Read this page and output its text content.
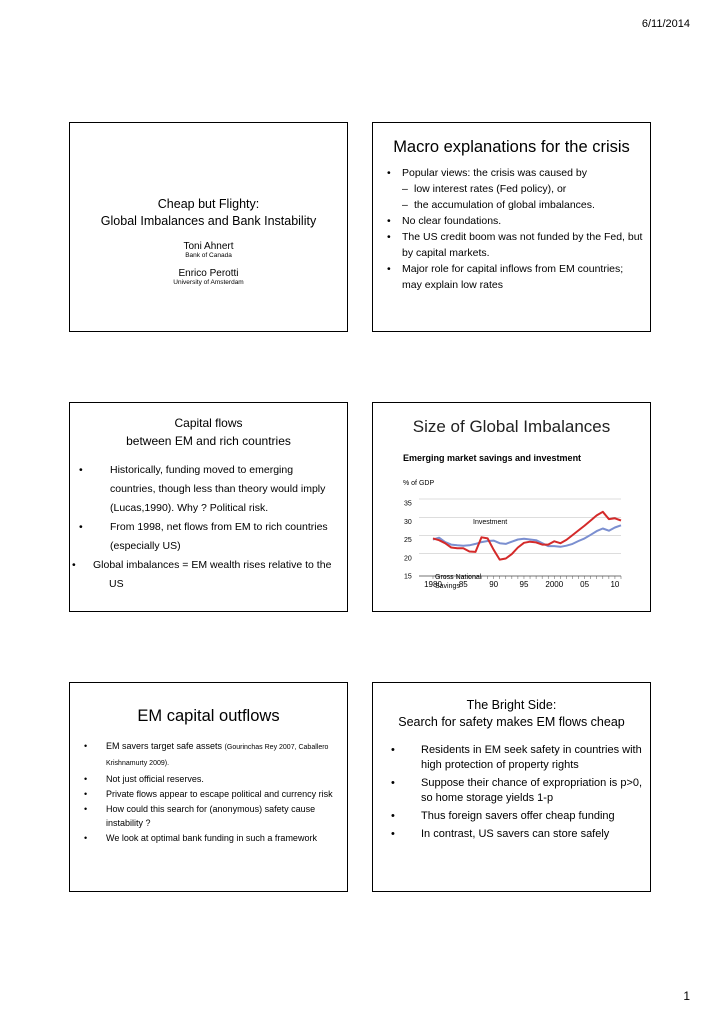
6/11/2014
Cheap but Flighty:
Global Imbalances and Bank Instability
Toni Ahnert
Bank of Canada
Enrico Perotti
University of Amsterdam
Macro explanations for the crisis
• Popular views: the crisis was caused by
– low interest rates (Fed policy), or
– the accumulation of global imbalances.
• No clear foundations.
• The US credit boom was not funded by the Fed, but by capital markets.
• Major role for capital inflows from EM countries; may explain low rates
Capital flows
between EM and rich countries
• Historically, funding moved to emerging countries, though less than theory would imply (Lucas,1990). Why ? Political risk.
• From 1998, net flows from EM to rich countries (especially US)
• Global imbalances = EM wealth rises relative to the US
Size of Global Imbalances
Emerging market savings and investment
% of GDP
15
20
25
30
35
1980 85	90	95 2000 05	10
Investment
Gross National
Savings
EM capital outflows
• EM savers target safe assets (Gourinchas Rey 2007, Caballero Krishnamurty 2009).
• Not just official reserves.
• Private flows appear to escape political and currency risk
• How could this search for (anonymous) safety cause instability ?
• We look at optimal bank funding in such a framework
The Bright Side:
Search for safety makes EM flows cheap
• Residents in EM seek safety in countries with high protection of property rights
• Suppose their chance of expropriation is p>0, so home storage yields 1-p
• Thus foreign savers offer cheap funding
• In contrast, US savers can store safely
1
